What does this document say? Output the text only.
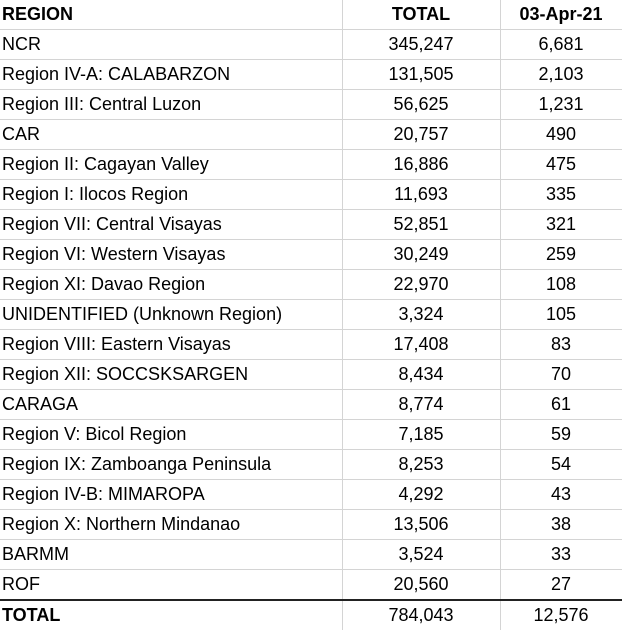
REGION	TOTAL	03-Apr-21
NCR	345,247	6,681
Region IV-A: CALABARZON	131,505	2,103
Region III: Central Luzon	56,625	1,231
CAR	20,757	490
Region II: Cagayan Valley	16,886	475
Region I: Ilocos Region	11,693	335
Region VII: Central Visayas	52,851	321
Region VI: Western Visayas	30,249	259
Region XI: Davao Region	22,970	108
UNIDENTIFIED (Unknown Region)	3,324	105
Region VIII: Eastern Visayas	17,408	83
Region XII: SOCCSKSARGEN	8,434	70
CARAGA	8,774	61
Region V: Bicol Region	7,185	59
Region IX: Zamboanga Peninsula	8,253	54
Region IV-B: MIMAROPA	4,292	43
Region X: Northern Mindanao	13,506	38
BARMM	3,524	33
ROF	20,560	27
TOTAL	784,043	12,576
